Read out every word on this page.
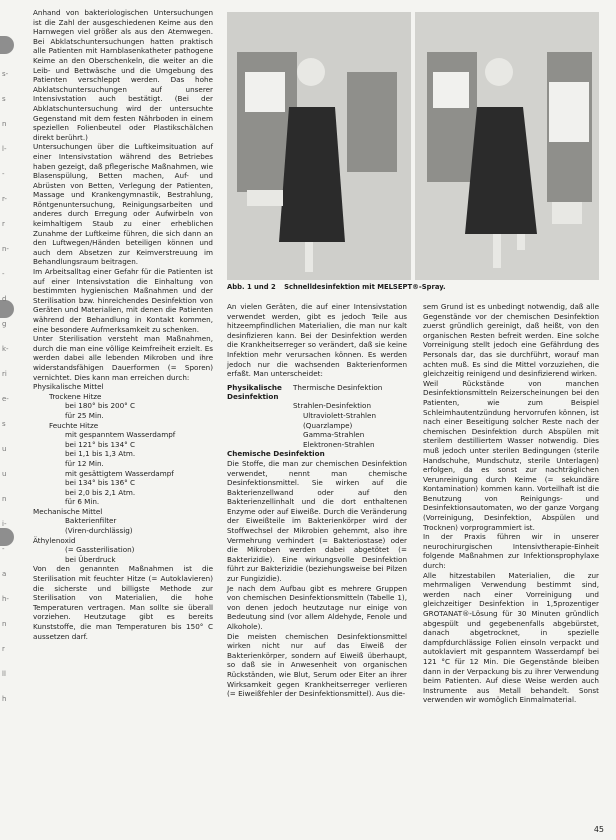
s-
s
n
l-
-
r-
r
n-
-
d
g
k-
ri
e-
s
u
u
n
i-
-
a
h-
n
r
ll
h

Anhand von bakteriologischen Untersuchungen ist die Zahl der ausgeschiedenen Keime aus den Harnwegen viel größer als aus den Atemwegen. Bei Abklatschuntersuchungen hatten praktisch alle Patienten mit Harnblasenkatheter pathogene Keime an den Oberschenkeln, die weiter an die Leib- und Bettwäsche und die Umgebung des Patienten verschleppt werden. Das hohe Abklatschuntersuchungen auf unserer Intensivstation auch bestätigt. (Bei der Abklatschuntersuchung wird der untersuchte Gegenstand mit dem festen Nährboden in einem speziellen Folienbeutel oder Plastikschälchen direkt berührt.)

Untersuchungen über die Luftkeimsituation auf einer Intensivstation während des Betriebes haben gezeigt, daß pflegerische Maßnahmen, wie Blasenspülung, Betten machen, Auf- und Abrüsten von Betten, Verlegung der Patienten, Massage und Krankengymnastik, Bestrahlung, Röntgenuntersuchung, Reinigungsarbeiten und anderes durch Erregung oder Aufwirbeln von keimhaltigem Staub zu einer erheblichen Zunahme der Luftkeime führen, die sich dann an den Luftwegen/Händen beteiligen können und auch dem Absetzen zur Keimverstreuung im Behandlungsraum beitragen.

Im Arbeitsalltag einer Gefahr für die Patienten ist auf einer Intensivstation die Einhaltung von bestimmten hygienischen Maßnahmen und der Sterilisation bzw. hinreichendes Desinfektion von Geräten und Materialien, mit denen die Patienten während der Behandlung in Kontakt kommen, eine besondere Aufmerksamkeit zu schenken.

Unter Sterilisation versteht man Maßnahmen, durch die man eine völlige Keimfreiheit erzielt. Es werden dabei alle lebenden Mikroben und ihre widerstandsfähigen Dauerformen (= Sporen) vernichtet. Dies kann man erreichen durch:

Physikalische Mittel

Trockene Hitze

bei 180° bis 200° C

für 25 Min.

Feuchte Hitze

mit gespanntem Wasserdampf

bei 121° bis 134° C

bei 1,1 bis 1,3 Atm.

für 12 Min.

mit gesättigtem Wasserdampf

bei 134° bis 136° C

bei 2,0 bis 2,1 Atm.

für 6 Min.

Mechanische Mittel

Bakterienfilter

(Viren-durchlässig)

Äthylenoxid

(= Gassterilisation)

bei Überdruck

Von den genannten Maßnahmen ist die Sterilisation mit feuchter Hitze (= Autoklavieren) die sicherste und billigste Methode zur Sterilisation von Materialien, die hohe Temperaturen vertragen. Man sollte sie überall vorziehen. Heutzutage gibt es bereits Kunststoffe, die man Temperaturen bis 150° C aussetzen darf.

Abb. 1 und 2 Schnelldesinfektion mit MELSEPT®-Spray.

An vielen Geräten, die auf einer Intensivstation verwendet werden, gibt es jedoch Teile aus hitzeempfindlichen Materialien, die man nur kalt desinfizieren kann. Bei der Desinfektion werden die Krankheitserreger so verändert, daß sie keine Infektion mehr verursachen können. Es werden jedoch nur die wachsenden Bakterienformen erfaßt. Man unterscheidet:

Physikalische Desinfektion
Thermische Desinfektion
Strahlen-Desinfektion
Ultraviolett-Strahlen
(Quarzlampe)
Gamma-Strahlen
Elektronen-Strahlen

Chemische Desinfektion

Die Stoffe, die man zur chemischen Desinfektion verwendet, nennt man chemische Desinfektionsmittel. Sie wirken auf die Bakterienzellwand oder auf den Bakterienzellinhalt und die dort enthaltenen Enzyme oder auf Eiweiße. Durch die Veränderung der Eiweißteile im Bakterienkörper wird der Stoffwechsel der Mikrobien gehemmt, also ihre Vermehrung verhindert (= Bakteriostase) oder die Mikroben werden dabei abgetötet (= Bakterizidie). Eine wirkungsvolle Desinfektion führt zur Bakterizidie (beziehungsweise bei Pilzen zur Fungizidie).

Je nach dem Aufbau gibt es mehrere Gruppen von chemischen Desinfektionsmitteln (Tabelle 1), von denen jedoch heutzutage nur einige von Bedeutung sind (vor allem Aldehyde, Fenole und Alkohole).

Die meisten chemischen Desinfektionsmittel wirken nicht nur auf das Eiweiß der Bakterienkörper, sondern auf Eiweiß überhaupt, so daß sie in Anwesenheit von organischen Rückständen, wie Blut, Serum oder Eiter an ihrer Wirksamkeit gegen Krankheitserreger verlieren (= Eiweißfehler der Desinfektionsmittel). Aus die-

sem Grund ist es unbedingt notwendig, daß alle Gegenstände vor der chemischen Desinfektion zuerst gründlich gereinigt, daß heißt, von den organischen Resten befreit werden. Eine solche Vorreinigung stellt jedoch eine Gefährdung des Personals dar, das sie durchführt, worauf man achten muß. Es sind die Mittel vorzuziehen, die gleichzeitig reinigend und desinfizierend wirken.

Weil Rückstände von manchen Desinfektionsmitteln Reizerscheinungen bei den Patienten, wie zum Beispiel Schleimhautentzündung hervorrufen können, ist nach einer Beseitigung solcher Reste nach der chemischen Desinfektion durch Abspülen mit sterilem destilliertem Wasser notwendig. Dies muß jedoch unter sterilen Bedingungen (sterile Handschuhe, Mundschutz, sterile Unterlagen) erfolgen, da es sonst zur nachträglichen Verunreinigung durch Keime (= sekundäre Kontamination) kommen kann. Vorteilhaft ist die Benutzung von Reinigungs- und Desinfektionsautomaten, wo der ganze Vorgang (Vorreinigung, Desinfektion, Abspülen und Trocknen) vorprogrammiert ist.

In der Praxis führen wir in unserer neurochirurgischen Intensivtherapie-Einheit folgende Maßnahmen zur Infektionsprophylaxe durch:

Alle hitzestabilen Materialien, die zur mehrmaligen Verwendung bestimmt sind, werden nach einer Vorreinigung und gleichzeitiger Desinfektion in 1,5prozentiger GROTANAT®-Lösung für 30 Minuten gründlich abgespült und gegebenenfalls abgebürstet, danach abgetrocknet, in spezielle dampfdurchlässige Folien einsoln verpackt und autoklaviert mit gespanntem Wasserdampf bei 121 °C für 12 Min. Die Gegenstände bleiben dann in der Verpackung bis zu ihrer Verwendung beim Patienten. Auf diese Weise werden auch Instrumente aus Metall behandelt. Sonst verwenden wir womöglich Einmalmaterial.

45
